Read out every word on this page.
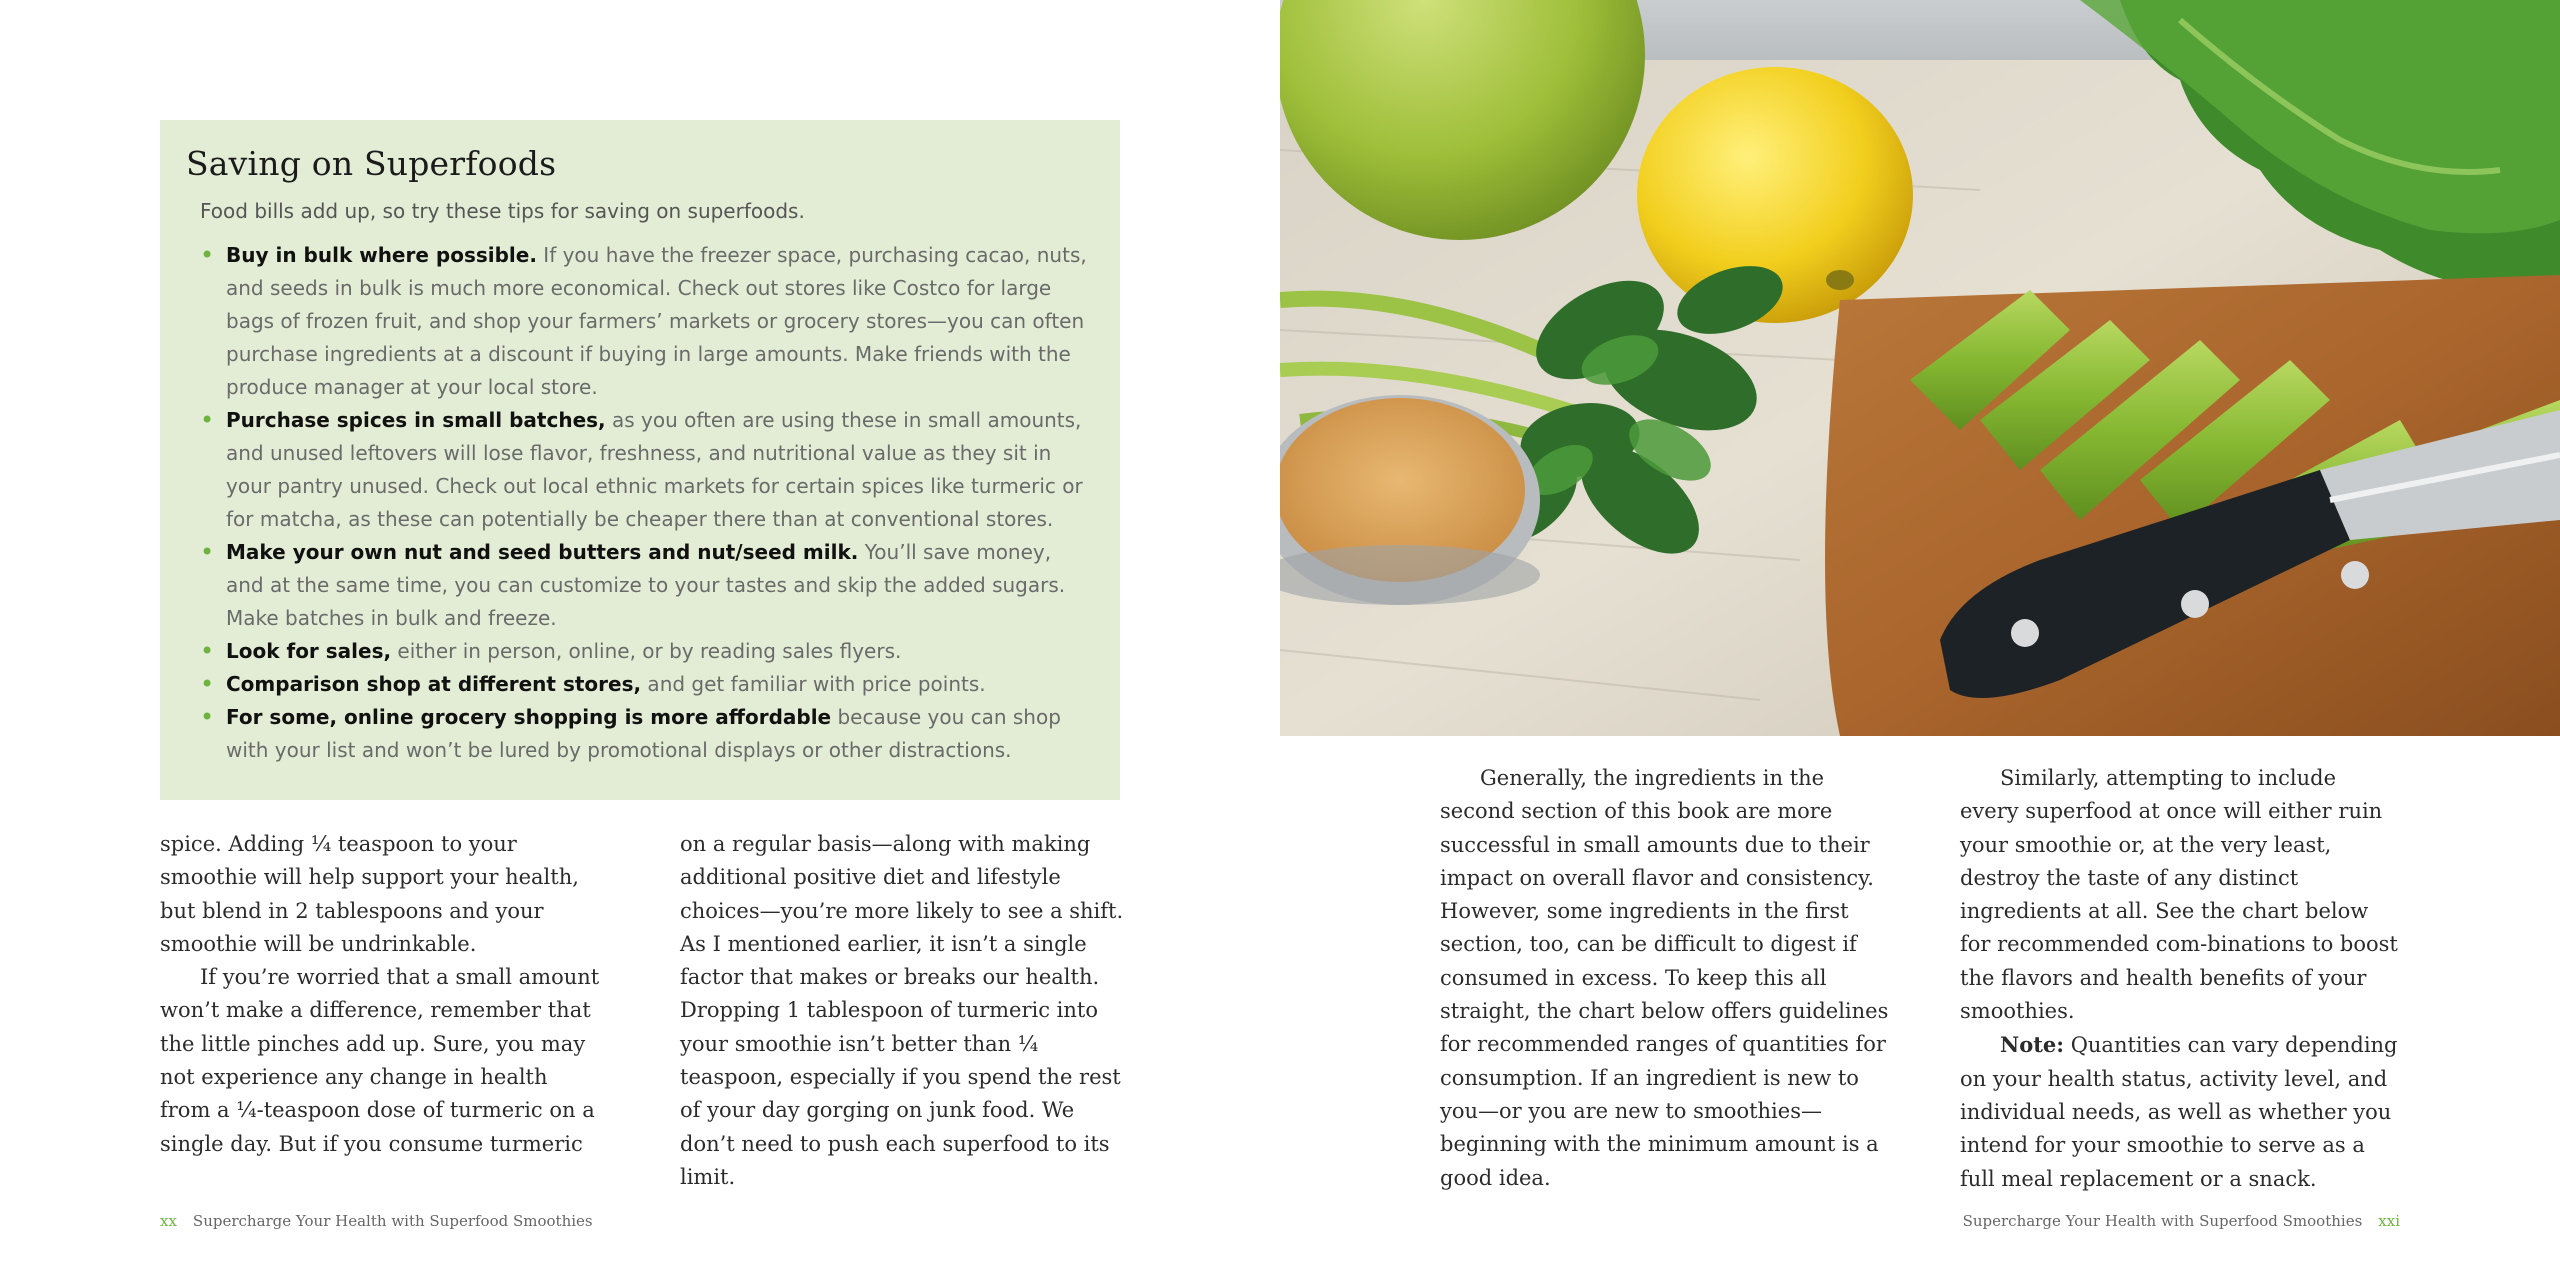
Saving on Superfoods

Food bills add up, so try these tips for saving on superfoods.

• Buy in bulk where possible. If you have the freezer space, purchasing cacao, nuts, and seeds in bulk is much more economical. Check out stores like Costco for large bags of frozen fruit, and shop your farmers’ markets or grocery stores—you can often purchase ingredients at a discount if buying in large amounts. Make friends with the produce manager at your local store.
• Purchase spices in small batches, as you often are using these in small amounts, and unused leftovers will lose flavor, freshness, and nutritional value as they sit in your pantry unused. Check out local ethnic markets for certain spices like turmeric or for matcha, as these can potentially be cheaper there than at conventional stores.
• Make your own nut and seed butters and nut/seed milk. You’ll save money, and at the same time, you can customize to your tastes and skip the added sugars. Make batches in bulk and freeze.
• Look for sales, either in person, online, or by reading sales flyers.
• Comparison shop at different stores, and get familiar with price points.
• For some, online grocery shopping is more affordable because you can shop with your list and won’t be lured by promotional displays or other distractions.

spice. Adding ¼ teaspoon to your smoothie will help support your health, but blend in 2 tablespoons and your smoothie will be undrinkable.

If you’re worried that a small amount won’t make a difference, remember that the little pinches add up. Sure, you may not experience any change in health from a ¼-teaspoon dose of turmeric on a single day. But if you consume turmeric

on a regular basis—along with making additional positive diet and lifestyle choices—you’re more likely to see a shift. As I mentioned earlier, it isn’t a single factor that makes or breaks our health. Dropping 1 tablespoon of turmeric into your smoothie isn’t better than ¼ teaspoon, especially if you spend the rest of your day gorging on junk food. We don’t need to push each superfood to its limit.

xx Supercharge Your Health with Superfood Smoothies

Generally, the ingredients in the second section of this book are more successful in small amounts due to their impact on overall flavor and consistency. However, some ingredients in the first section, too, can be difficult to digest if consumed in excess. To keep this all straight, the chart below offers guidelines for recommended ranges of quantities for consumption. If an ingredient is new to you—or you are new to smoothies—beginning with the minimum amount is a good idea.

Similarly, attempting to include every superfood at once will either ruin your smoothie or, at the very least, destroy the taste of any distinct ingredients at all. See the chart below for recommended com-binations to boost the flavors and health benefits of your smoothies.

Note: Quantities can vary depending on your health status, activity level, and individual needs, as well as whether you intend for your smoothie to serve as a full meal replacement or a snack.

Supercharge Your Health with Superfood Smoothies xxi
